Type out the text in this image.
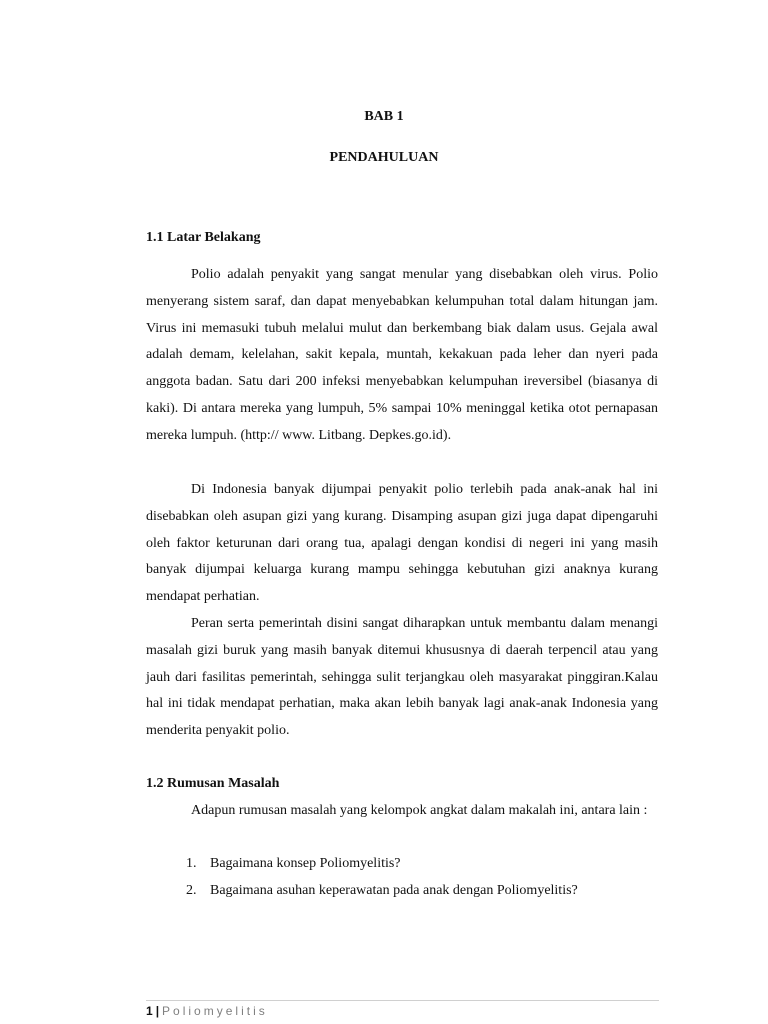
BAB 1
PENDAHULUAN
1.1 Latar Belakang

Polio adalah penyakit yang sangat menular yang disebabkan oleh virus. Polio menyerang sistem saraf, dan dapat menyebabkan kelumpuhan total dalam hitungan jam. Virus ini memasuki tubuh melalui mulut dan berkembang biak dalam usus. Gejala awal adalah demam, kelelahan, sakit kepala, muntah, kekakuan pada leher dan nyeri pada anggota badan. Satu dari 200 infeksi menyebabkan kelumpuhan ireversibel (biasanya di kaki). Di antara mereka yang lumpuh, 5% sampai 10% meninggal ketika otot pernapasan mereka lumpuh. (http:// www. Litbang. Depkes.go.id).

Di Indonesia banyak dijumpai penyakit polio terlebih pada anak-anak hal ini disebabkan oleh asupan gizi yang kurang. Disamping asupan gizi juga dapat dipengaruhi oleh faktor keturunan dari orang tua, apalagi dengan kondisi di negeri ini yang masih banyak dijumpai keluarga kurang mampu sehingga kebutuhan gizi anaknya kurang mendapat perhatian.

Peran serta pemerintah disini sangat diharapkan untuk membantu dalam menangi masalah gizi buruk yang masih banyak ditemui khususnya di daerah terpencil atau yang jauh dari fasilitas pemerintah, sehingga sulit terjangkau oleh masyarakat pinggiran.Kalau hal ini tidak mendapat perhatian, maka akan lebih banyak lagi anak-anak Indonesia yang menderita penyakit polio.

1.2 Rumusan Masalah

Adapun rumusan masalah yang kelompok angkat dalam makalah ini, antara lain :

1. Bagaimana konsep Poliomyelitis?
2. Bagaimana asuhan keperawatan pada anak dengan Poliomyelitis?
1 | Poliomyelitis
